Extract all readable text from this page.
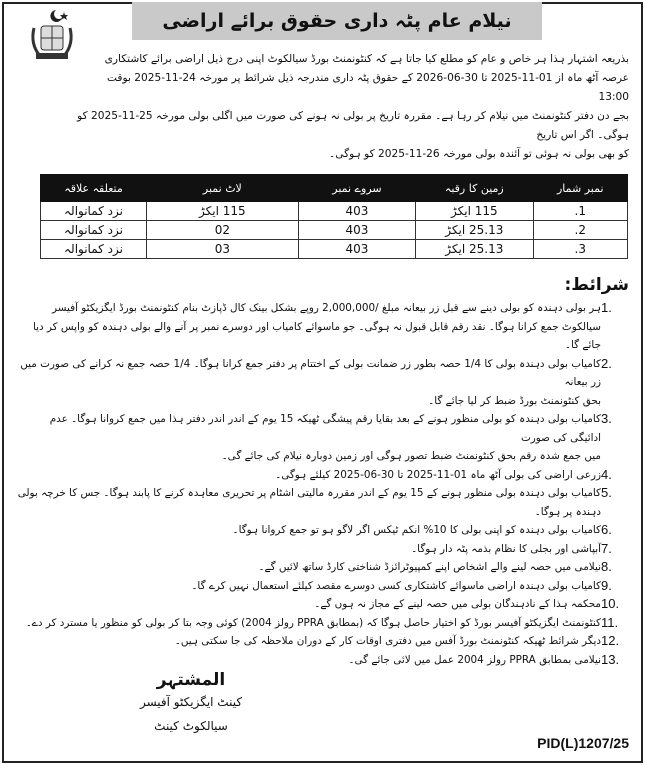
نیلام عام پٹہ داری حقوق برائے اراضی
بذریعہ اشتہار ہذا ہر خاص و عام کو مطلع کیا جاتا ہے کہ کنٹونمنٹ بورڈ سیالکوٹ اپنی درج ذیل اراضی برائے کاشتکاری
عرصہ آٹھ ماہ از 01-11-2025 تا 30-06-2026 کے حقوق پٹہ داری مندرجہ ذیل شرائط پر مورخہ 24-11-2025 بوقت 13:00
بجے دن دفتر کنٹونمنٹ میں نیلام کر رہا ہے۔ مقررہ تاریخ پر بولی نہ ہونے کی صورت میں اگلی بولی مورخہ 25-11-2025 کو ہوگی۔ اگر اس تاریخ
کو بھی بولی نہ ہوئی تو آئندہ بولی مورخہ 26-11-2025 کو ہوگی۔
نمبر شمار	زمین کا رقبہ	سروے نمبر	لاٹ نمبر	متعلقہ علاقہ
1.	115 ایکڑ	403	115 ایکڑ	نزد کمانوالہ
2.	25.13 ایکڑ	403	02	نزد کمانوالہ
3.	25.13 ایکڑ	403	03	نزد کمانوالہ
شرائط:
1.
ہر بولی دہندہ کو بولی دینے سے قبل زر بیعانہ مبلغ /2,000,000 روپے بشکل بینک کال ڈپازٹ بنام کنٹونمنٹ بورڈ ایگزیکٹو آفیسر
سیالکوٹ جمع کرانا ہوگا۔ نقد رقم قابل قبول نہ ہوگی۔ جو ماسوائے کامیاب اور دوسرے نمبر پر آنے والے بولی دہندہ کو واپس کر دیا جائے گا۔
2.
کامیاب بولی دہندہ بولی کا 1/4 حصہ بطور زر ضمانت بولی کے اختتام پر دفتر جمع کرانا ہوگا۔ 1/4 حصہ جمع نہ کرانے کی صورت میں زر بیعانہ
بحق کنٹونمنٹ بورڈ ضبط کر لیا جائے گا۔
3.
کامیاب بولی دہندہ کو بولی منظور ہونے کے بعد بقایا رقم پیشگی ٹھیکہ 15 یوم کے اندر اندر دفتر ہذا میں جمع کروانا ہوگا۔ عدم ادائیگی کی صورت
میں جمع شدہ رقم بحق کنٹونمنٹ ضبط تصور ہوگی اور زمین دوبارہ نیلام کی جائے گی۔
4.
زرعی اراضی کی بولی آٹھ ماہ 01-11-2025 تا 30-06-2025 کیلئے ہوگی۔
5.
کامیاب بولی دہندہ بولی منظور ہونے کے 15 یوم کے اندر مقررہ مالیتی اشٹام پر تحریری معاہدہ کرنے کا پابند ہوگا۔ جس کا خرچہ بولی دہندہ پر ہوگا۔
6.
کامیاب بولی دہندہ کو اپنی بولی کا 10% انکم ٹیکس اگر لاگو ہو تو جمع کروانا ہوگا۔
7.
آبپاشی اور بجلی کا نظام بذمہ پٹہ دار ہوگا۔
8.
نیلامی میں حصہ لینے والے اشخاص اپنے کمپیوٹرائزڈ شناختی کارڈ ساتھ لائیں گے۔
9.
کامیاب بولی دہندہ اراضی ماسوائے کاشتکاری کسی دوسرے مقصد کیلئے استعمال نہیں کرے گا۔
10.
محکمہ ہذا کے نادہندگان بولی میں حصہ لینے کے مجاز نہ ہوں گے۔
11.
کنٹونمنٹ ایگزیکٹو آفیسر بورڈ کو اختیار حاصل ہوگا کہ (بمطابق PPRA رولز 2004) کوئی وجہ بتا کر بولی کو منظور یا مسترد کر دے۔
12.
دیگر شرائط ٹھیکہ کنٹونمنٹ بورڈ آفس میں دفتری اوقات کار کے دوران ملاحظہ کی جا سکتی ہیں۔
13.
نیلامی بمطابق PPRA رولز 2004 عمل میں لائی جائے گی۔
المشتہر
کینٹ ایگزیکٹو آفیسر
سیالکوٹ کینٹ
PID(L)1207/25
